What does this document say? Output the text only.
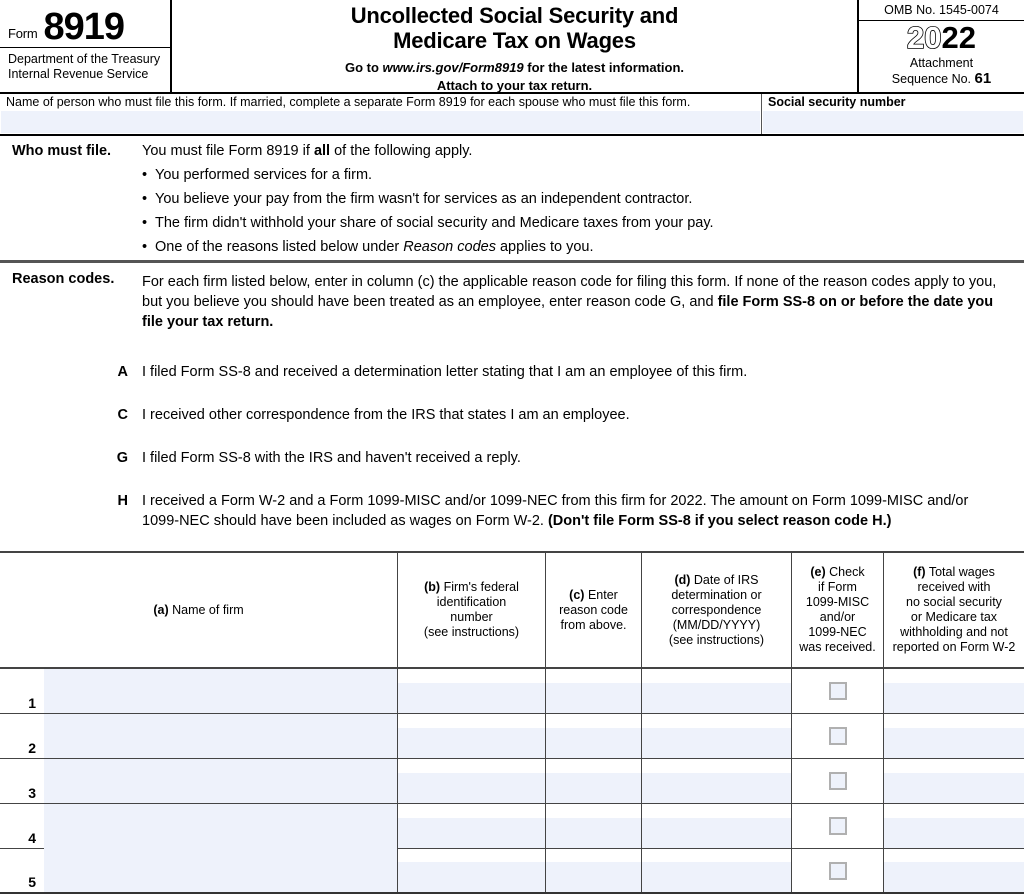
Form 8919
Department of the Treasury
Internal Revenue Service
Uncollected Social Security and
Medicare Tax on Wages
Go to www.irs.gov/Form8919 for the latest information.
Attach to your tax return.
OMB No. 1545-0074
2022
Attachment
Sequence No. 61
Name of person who must file this form. If married, complete a separate Form 8919 for each spouse who must file this form.	Social security number
Who must file.	You must file Form 8919 if all of the following apply.
• You performed services for a firm.
• You believe your pay from the firm wasn't for services as an independent contractor.
• The firm didn't withhold your share of social security and Medicare taxes from your pay.
• One of the reasons listed below under Reason codes applies to you.
Reason codes.	For each firm listed below, enter in column (c) the applicable reason code for filing this form. If none of the reason codes apply to you, but you believe you should have been treated as an employee, enter reason code G, and file Form SS-8 on or before the date you file your tax return.
A I filed Form SS-8 and received a determination letter stating that I am an employee of this firm.
C I received other correspondence from the IRS that states I am an employee.
G I filed Form SS-8 with the IRS and haven't received a reply.
H I received a Form W-2 and a Form 1099-MISC and/or 1099-NEC from this firm for 2022. The amount on Form 1099-MISC and/or 1099-NEC should have been included as wages on Form W-2. (Don't file Form SS-8 if you select reason code H.)
(a) Name of firm
(b) Firm's federal
identification
number
(see instructions)
(c) Enter
reason code
from above.
(d) Date of IRS
determination or
correspondence
(MM/DD/YYYY)
(see instructions)
(e) Check
if Form
1099-MISC
and/or
1099-NEC
was received.
(f) Total wages
received with
no social security
or Medicare tax
withholding and not
reported on Form W-2
1
2
3
4
5
